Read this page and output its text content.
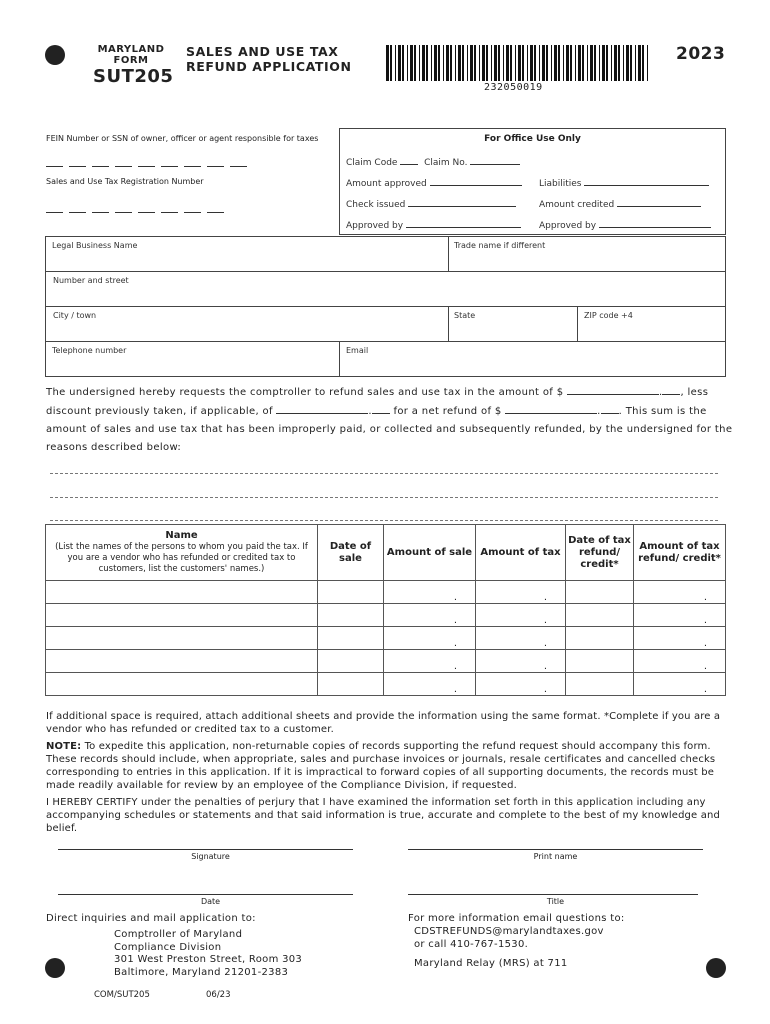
MARYLAND
FORM
SUT205
SALES AND USE TAX
REFUND APPLICATION
232050019
2023
FEIN Number or SSN of owner, officer or agent responsible for taxes
Sales and Use Tax Registration Number
For Office Use Only
Claim Code	Claim No.
Amount approved	Liabilities
Check issued	Amount credited
Approved by	Approved by
Legal Business Name	Trade name if different
Number and street
City / town	State	ZIP code +4
Telephone number	Email
The undersigned hereby requests the comptroller to refund sales and use tax in the amount of $	. , less
discount previously taken, if applicable, of	. for a net refund of $	. . This sum is the
amount of sales and use tax that has been improperly paid, or collected and subsequently refunded, by the undersigned for the
reasons described below:
Name
(List the names of the persons to whom you paid the tax. If you are a vendor who has refunded or credited tax to customers, list the customers' names.)	Date of sale	Amount of sale	Amount of tax	Date of tax refund/ credit*	Amount of tax refund/ credit*
		.	.		.
		.	.		.
		.	.		.
		.	.		.
		.	.		.

If additional space is required, attach additional sheets and provide the information using the same format. *Complete if you are a vendor who has refunded or credited tax to a customer.

NOTE: To expedite this application, non-returnable copies of records supporting the refund request should accompany this form. These records should include, when appropriate, sales and purchase invoices or journals, resale certificates and cancelled checks corresponding to entries in this application. If it is impractical to forward copies of all supporting documents, the records must be made readily available for review by an employee of the Compliance Division, if requested.

I HEREBY CERTIFY under the penalties of perjury that I have examined the information set forth in this application including any accompanying schedules or statements and that said information is true, accurate and complete to the best of my knowledge and belief.

Signature	Print name
Date	Title
Direct inquiries and mail application to:
Comptroller of Maryland
Compliance Division
301 West Preston Street, Room 303
Baltimore, Maryland 21201-2383
For more information email questions to:
CDSTREFUNDS@marylandtaxes.gov
or call 410-767-1530.
Maryland Relay (MRS) at 711
COM/SUT205	06/23
